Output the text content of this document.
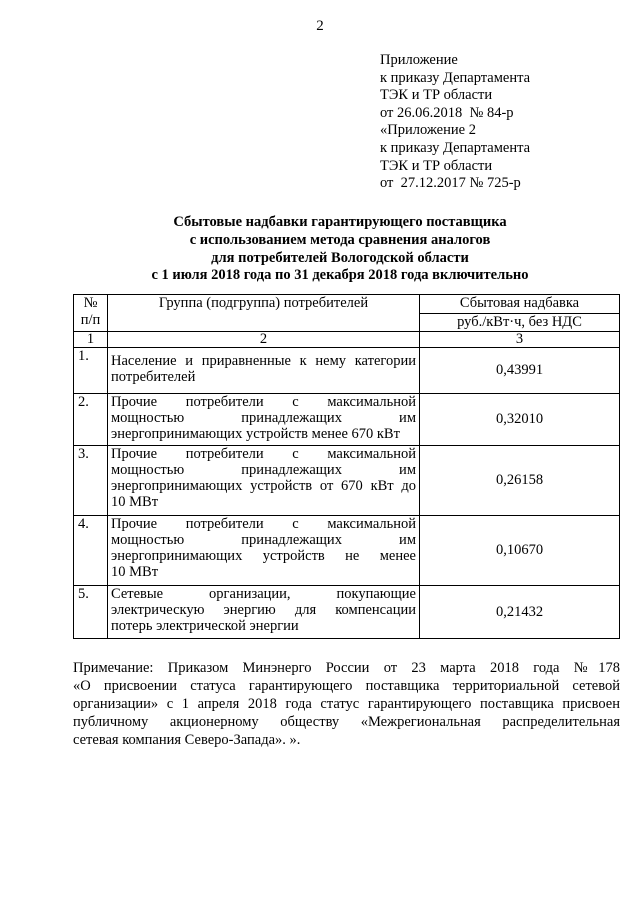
2
Приложение
к приказу Департамента
ТЭК и ТР области
от 26.06.2018  № 84-р
«Приложение 2
к приказу Департамента
ТЭК и ТР области
от  27.12.2017 № 725-р
Сбытовые надбавки гарантирующего поставщика
с использованием метода сравнения аналогов
для потребителей Вологодской области
с 1 июля 2018 года по 31 декабря 2018 года включительно
№
п/п	Группа (подгруппа) потребителей	Сбытовая надбавка
		руб./кВт·ч, без НДС
1	2	3
1.	Население и приравненные к нему категории
потребителей	0,43991
2.	Прочие потребители с максимальной
мощностью принадлежащих им
энергопринимающих устройств менее 670 кВт	0,32010
3.	Прочие потребители с максимальной
мощностью принадлежащих им
энергопринимающих устройств от 670 кВт до
10 МВт	0,26158
4.	Прочие потребители с максимальной
мощностью принадлежащих им
энергопринимающих устройств не менее
10 МВт	0,10670
5.	Сетевые организации, покупающие
электрическую энергию для компенсации
потерь электрической энергии	0,21432
Примечание: Приказом Минэнерго России от 23 марта 2018 года №178
«О присвоении статуса гарантирующего поставщика территориальной сетевой
организации» с 1 апреля 2018 года статус гарантирующего поставщика присвоен
публичному акционерному обществу «Межрегиональная распределительная
сетевая компания Северо-Запада». ».
